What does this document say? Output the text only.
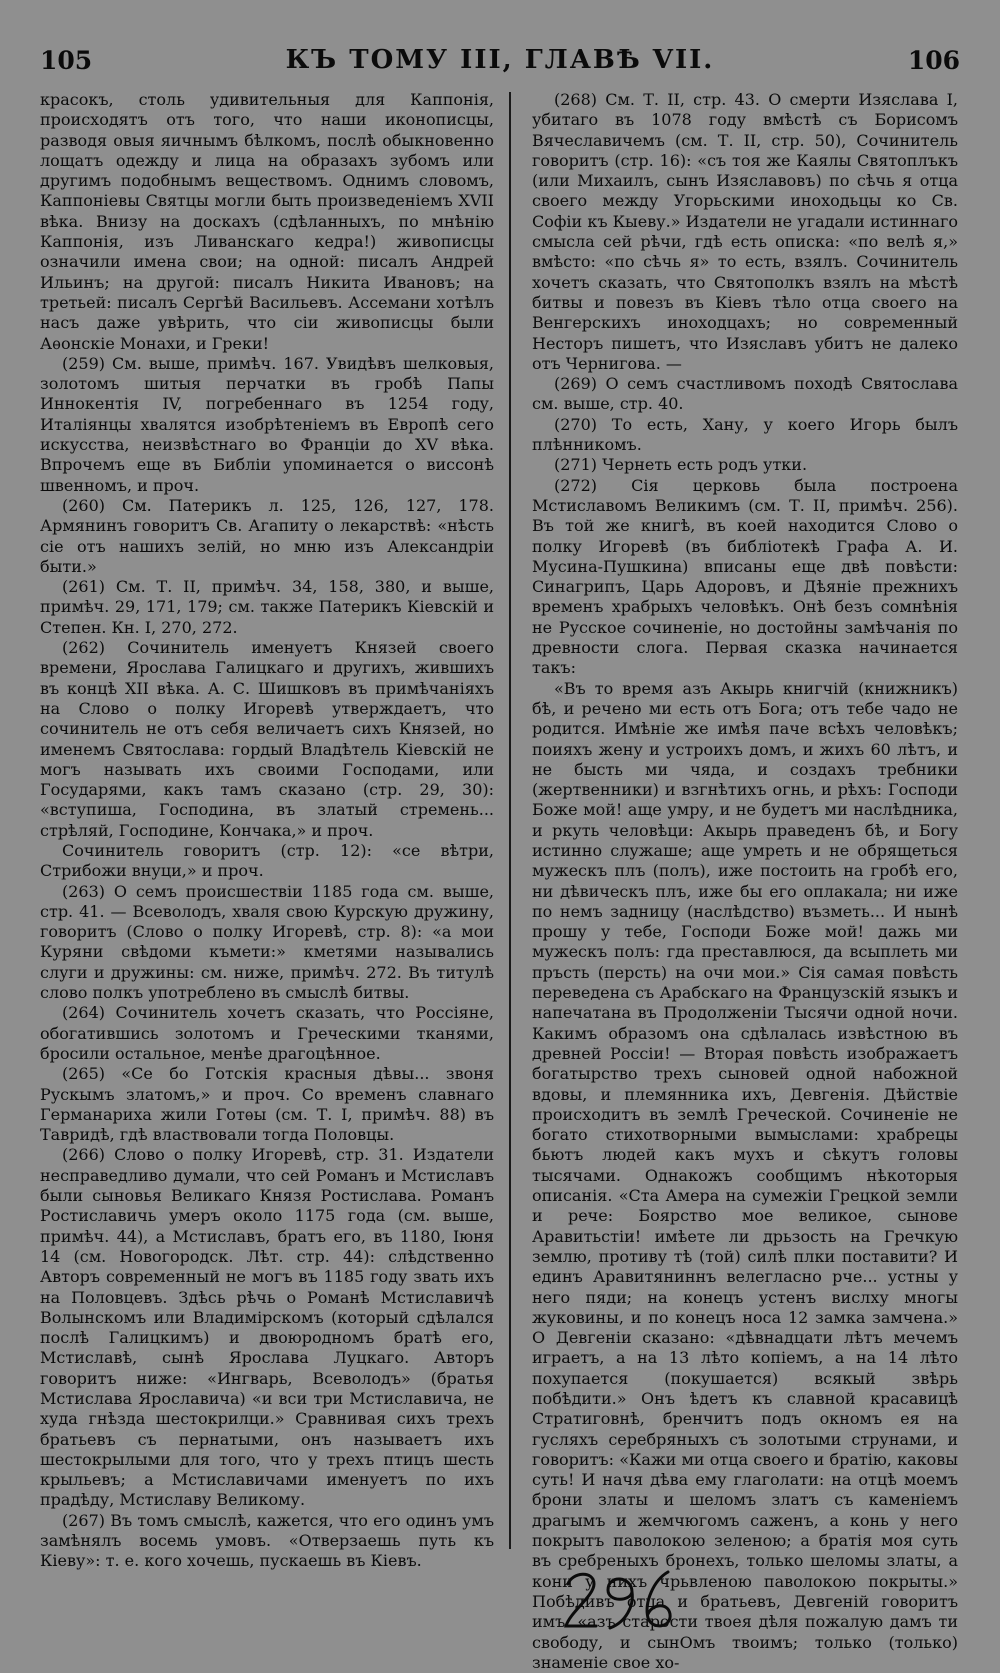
105	КЪ ТОМУ III, ГЛАВѢ VII.	106

красокъ, столь удивительныя для Каппонія, происходятъ отъ того, что наши иконописцы, разводя овыя яичнымъ бѣлкомъ, послѣ обыкновенно лощатъ одежду и лица на образахъ зубомъ или другимъ подобнымъ веществомъ. Однимъ словомъ, Каппоніевы Святцы могли быть произведеніемъ XVII вѣка. Внизу на доскахъ (сдѣланныхъ, по мнѣнію Каппонія, изъ Ливанскаго кедра!) живописцы означили имена свои; на одной: писалъ Андрей Ильинъ; на другой: писалъ Никита Ивановъ; на третьей: писалъ Сергѣй Васильевъ. Ассемани хотѣлъ насъ даже увѣрить, что сіи живописцы были Аѳонскіе Монахи, и Греки!

(259) См. выше, примѣч. 167. Увидѣвъ шелковыя, золотомъ шитыя перчатки въ гробѣ Папы Иннокентія IV, погребеннаго въ 1254 году, Италіянцы хвалятся изобрѣтеніемъ въ Европѣ сего искусства, неизвѣстнаго во Франціи до XV вѣка. Впрочемъ еще въ Библіи упоминается о виссонѣ швенномъ, и проч.

(260) См. Патерикъ л. 125, 126, 127, 178. Армянинъ говоритъ Св. Агапиту о лекарствѣ: «нѣсть сіе отъ нашихъ зелій, но мню изъ Александріи быти.»

(261) См. Т. II, примѣч. 34, 158, 380, и выше, примѣч. 29, 171, 179; см. также Патерикъ Кіевскій и Степен. Кн. I, 270, 272.

(262) Сочинитель именуетъ Князей своего времени, Ярослава Галицкаго и другихъ, жившихъ въ концѣ XII вѣка. А. С. Шишковъ въ примѣчаніяхъ на Слово о полку Игоревѣ утверждаетъ, что сочинитель не отъ себя величаетъ сихъ Князей, но именемъ Святослава: гордый Владѣтель Кіевскій не могъ называть ихъ своими Господами, или Государями, какъ тамъ сказано (стр. 29, 30): «вступиша, Господина, въ златый стремень... стрѣляй, Господине, Кончака,» и проч.

Сочинитель говоритъ (стр. 12): «се вѣтри, Стрибожи внуци,» и проч.

(263) О семъ происшествіи 1185 года см. выше, стр. 41. — Всеволодъ, хваля свою Курскую дружину, говоритъ (Слово о полку Игоревѣ, стр. 8): «а мои Куряни свѣдоми къмети:» кметями назывались слуги и дружины: см. ниже, примѣч. 272. Въ титулѣ слово полкъ употреблено въ смыслѣ битвы.

(264) Сочинитель хочетъ сказать, что Россіяне, обогатившись золотомъ и Греческими тканями, бросили остальное, менѣе драгоцѣнное.

(265) «Се бо Готскія красныя дѣвы... звоня Рускымъ златомъ,» и проч. Со временъ славнаго Германариха жили Готѳы (см. Т. I, примѣч. 88) въ Тавридѣ, гдѣ властвовали тогда Половцы.

(266) Слово о полку Игоревѣ, стр. 31. Издатели несправедливо думали, что сей Романъ и Мстиславъ были сыновья Великаго Князя Ростислава. Романъ Ростиславичь умеръ около 1175 года (см. выше, примѣч. 44), а Мстиславъ, братъ его, въ 1180, Іюня 14 (см. Новогородск. Лѣт. стр. 44): слѣдственно Авторъ современный не могъ въ 1185 году звать ихъ на Половцевъ. Здѣсь рѣчь о Романѣ Мстиславичѣ Волынскомъ или Владимірскомъ (который сдѣлался послѣ Галицкимъ) и двоюродномъ братѣ его, Мстиславѣ, сынѣ Ярослава Луцкаго. Авторъ говоритъ ниже: «Ингварь, Всеволодъ» (братья Мстислава Ярославича) «и вси три Мстиславича, не худа гнѣзда шестокрилци.» Сравнивая сихъ трехъ братьевъ съ пернатыми, онъ называетъ ихъ шестокрылыми для того, что у трехъ птицъ шесть крыльевъ; а Мстиславичами именуетъ по ихъ прадѣду, Мстиславу Великому.

(267) Въ томъ смыслѣ, кажется, что его одинъ умъ замѣнялъ восемь умовъ. «Отверзаешь путь къ Кіеву»: т. е. кого хочешь, пускаешь въ Кіевъ.

(268) См. Т. II, стр. 43. О смерти Изяслава I, убитаго въ 1078 году вмѣстѣ съ Борисомъ Вячеславичемъ (см. Т. II, стр. 50), Сочинитель говоритъ (стр. 16): «съ тоя же Каялы Святоплъкъ (или Михаилъ, сынъ Изяславовъ) по сѣчь я отца своего между Угорьскими иноходьцы ко Св. Софіи къ Кыеву.» Издатели не угадали истиннаго смысла сей рѣчи, гдѣ есть описка: «по велѣ я,» вмѣсто: «по сѣчь я» то есть, взялъ. Сочинитель хочетъ сказать, что Святополкъ взялъ на мѣстѣ битвы и повезъ въ Кіевъ тѣло отца своего на Венгерскихъ иноходцахъ; но современный Несторъ пишетъ, что Изяславъ убитъ не далеко отъ Чернигова. —

(269) О семъ счастливомъ походѣ Святослава см. выше, стр. 40.

(270) То есть, Хану, у коего Игорь былъ плѣнникомъ.

(271) Чернеть есть родъ утки.

(272) Сія церковь была построена Мстиславомъ Великимъ (см. Т. II, примѣч. 256). Въ той же книгѣ, въ коей находится Слово о полку Игоревѣ (въ библіотекѣ Графа А. И. Мусина-Пушкина) вписаны еще двѣ повѣсти: Синагрипъ, Царь Адоровъ, и Дѣяніе прежнихъ временъ храбрыхъ человѣкъ. Онѣ безъ сомнѣнія не Русское сочиненіе, но достойны замѣчанія по древности слога. Первая сказка начинается такъ:

«Въ то время азъ Акырь книгчій (книжникъ) бѣ, и речено ми есть отъ Бога; отъ тебе чадо не родится. Имѣніе же имѣя паче всѣхъ человѣкъ; поияхъ жену и устроихъ домъ, и жихъ 60 лѣтъ, и не бысть ми чяда, и создахъ требники (жертвенники) и взгнѣтихъ огнь, и рѣхъ: Господи Боже мой! аще умру, и не будетъ ми наслѣдника, и ркуть человѣци: Акырь праведенъ бѣ, и Богу истинно служаше; аще умреть и не обрящеться мужескъ плъ (полъ), иже постоить на гробѣ его, ни дѣвическъ плъ, иже бы его оплакала; ни иже по немъ задницу (наслѣдство) възметь... И нынѣ прошу у тебе, Господи Боже мой! дажь ми мужескъ полъ: гда преставлюся, да всыплеть ми пръсть (персть) на очи мои.» Сія самая повѣсть переведена съ Арабскаго на Французскій языкъ и напечатана въ Продолженіи Тысячи одной ночи. Какимъ образомъ она сдѣлалась извѣстною въ древней Россіи! — Вторая повѣсть изображаетъ богатырство трехъ сыновей одной набожной вдовы, и племянника ихъ, Девгенія. Дѣйствіе происходитъ въ землѣ Греческой. Сочиненіе не богато стихотворными вымыслами: храбрецы бьютъ людей какъ мухъ и сѣкутъ головы тысячами. Однакожъ сообщимъ нѣкоторыя описанія. «Ста Амера на сумежіи Грецкой земли и рече: Боярство мое великое, сынове Аравитьстіи! имѣете ли дрьзость на Гречкую землю, противу тѣ (той) силѣ плки поставити? И единъ Аравитяниннъ велегласно рче... устны у него пяди; на конецъ устенъ вислху многы жуковины, и по конецъ носа 12 замка замчена.» О Девгеніи сказано: «дѣвнадцати лѣтъ мечемъ играетъ, а на 13 лѣто копіемъ, а на 14 лѣто похупается (покушается) всякый звѣрь побѣдити.» Онъ ѣдетъ къ славной красавицѣ Стратиговнѣ, бренчитъ подъ окномъ ея на гусляхъ серебряныхъ съ золотыми струнами, и говоритъ: «Кажи ми отца своего и братію, каковы суть! И начя дѣва ему глаголати: на отцѣ моемъ брони златы и шеломъ златъ съ каменіемъ драгымъ и жемчюгомъ саженъ, а конь у него покрытъ паволокою зеленою; а братія моя суть въ сребреныхъ бронехъ, только шеломы златы, а кони у нихъ чрьвленою паволокою покрыты.» Побѣдивъ отца и братьевъ, Девгеній говоритъ имъ: «азъ старости твоея дѣля пожалую дамъ ти свободу, и сынОмъ твоимъ; только (только) знаменіе свое хо-
